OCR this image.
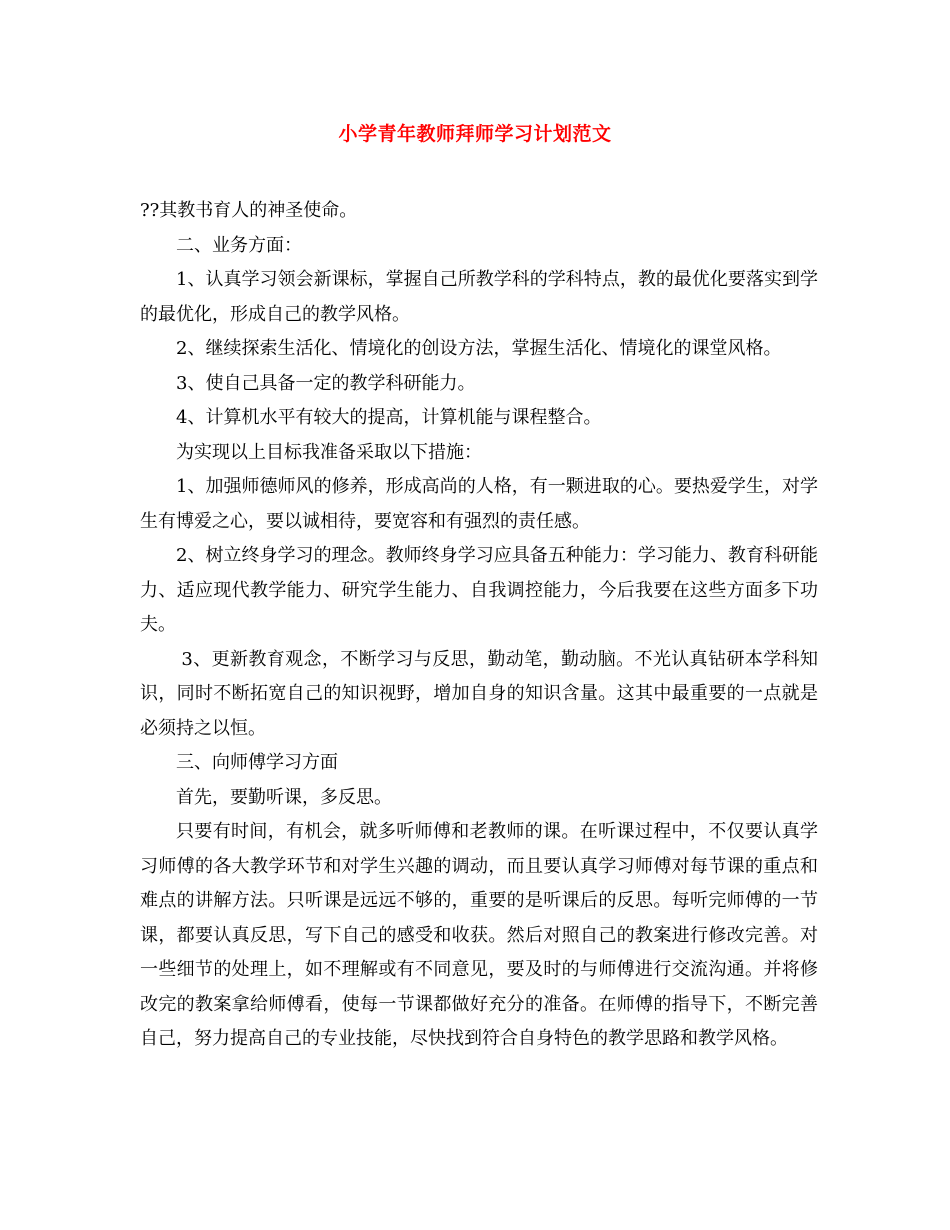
小学青年教师拜师学习计划范文

??其教书育人的神圣使命。

二、业务方面：

1、认真学习领会新课标，掌握自己所教学科的学科特点，教的最优化要落实到学的最优化，形成自己的教学风格。

2、继续探索生活化、情境化的创设方法，掌握生活化、情境化的课堂风格。

3、使自己具备一定的教学科研能力。

4、计算机水平有较大的提高，计算机能与课程整合。

为实现以上目标我准备采取以下措施：

1、加强师德师风的修养，形成高尚的人格，有一颗进取的心。要热爱学生，对学生有博爱之心，要以诚相待，要宽容和有强烈的责任感。

2、树立终身学习的理念。教师终身学习应具备五种能力：学习能力、教育科研能力、适应现代教学能力、研究学生能力、自我调控能力，今后我要在这些方面多下功夫。

3、更新教育观念，不断学习与反思，勤动笔，勤动脑。不光认真钻研本学科知识，同时不断拓宽自己的知识视野，增加自身的知识含量。这其中最重要的一点就是必须持之以恒。

三、向师傅学习方面

首先，要勤听课，多反思。

只要有时间，有机会，就多听师傅和老教师的课。在听课过程中，不仅要认真学习师傅的各大教学环节和对学生兴趣的调动，而且要认真学习师傅对每节课的重点和难点的讲解方法。只听课是远远不够的，重要的是听课后的反思。每听完师傅的一节课，都要认真反思，写下自己的感受和收获。然后对照自己的教案进行修改完善。对一些细节的处理上，如不理解或有不同意见，要及时的与师傅进行交流沟通。并将修改完的教案拿给师傅看，使每一节课都做好充分的准备。在师傅的指导下，不断完善自己，努力提高自己的专业技能，尽快找到符合自身特色的教学思路和教学风格。
